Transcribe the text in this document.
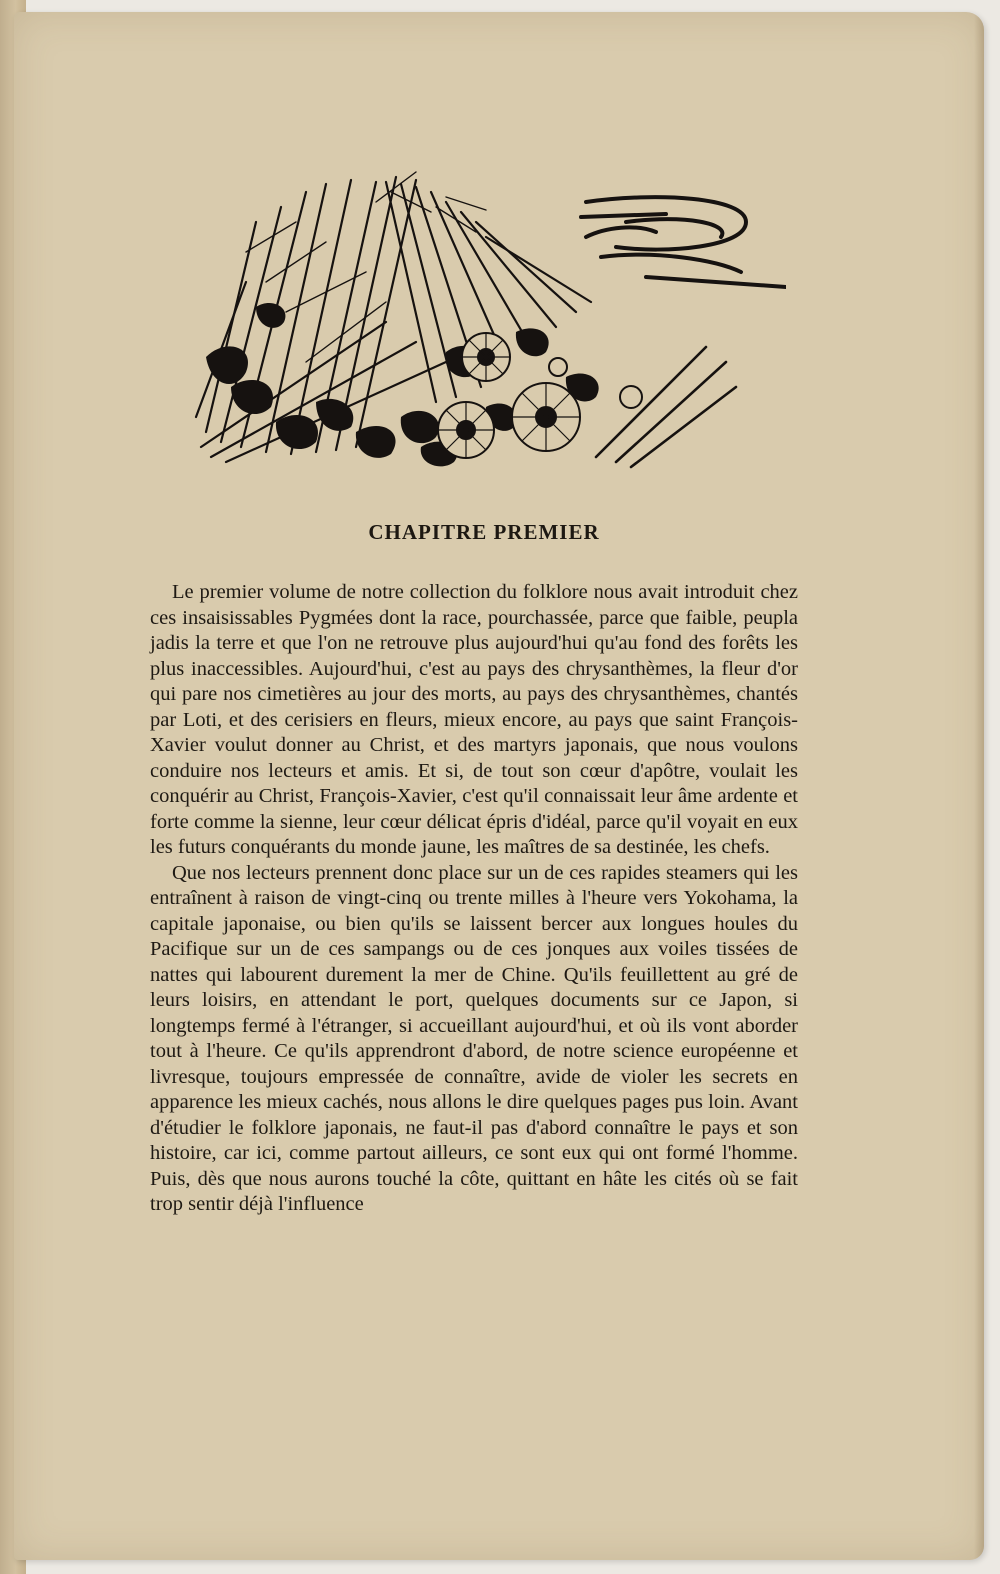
CHAPITRE PREMIER

Le premier volume de notre collection du folklore nous avait introduit chez ces insaisissables Pygmées dont la race, pourchassée, parce que faible, peupla jadis la terre et que l'on ne retrouve plus aujourd'hui qu'au fond des forêts les plus inaccessibles. Aujourd'hui, c'est au pays des chrysanthèmes, la fleur d'or qui pare nos cimetières au jour des morts, au pays des chrysanthèmes, chantés par Loti, et des cerisiers en fleurs, mieux encore, au pays que saint François-Xavier voulut donner au Christ, et des martyrs japonais, que nous voulons conduire nos lecteurs et amis. Et si, de tout son cœur d'apôtre, voulait les conquérir au Christ, François-Xavier, c'est qu'il connaissait leur âme ardente et forte comme la sienne, leur cœur délicat épris d'idéal, parce qu'il voyait en eux les futurs conquérants du monde jaune, les maîtres de sa destinée, les chefs.

Que nos lecteurs prennent donc place sur un de ces rapides steamers qui les entraînent à raison de vingt-cinq ou trente milles à l'heure vers Yokohama, la capitale japonaise, ou bien qu'ils se laissent bercer aux longues houles du Pacifique sur un de ces sampangs ou de ces jonques aux voiles tissées de nattes qui labourent durement la mer de Chine. Qu'ils feuillettent au gré de leurs loisirs, en attendant le port, quelques documents sur ce Japon, si longtemps fermé à l'étranger, si accueillant aujourd'hui, et où ils vont aborder tout à l'heure. Ce qu'ils apprendront d'abord, de notre science européenne et livresque, toujours empressée de connaître, avide de violer les secrets en apparence les mieux cachés, nous allons le dire quelques pages pus loin. Avant d'étudier le folklore japonais, ne faut-il pas d'abord connaître le pays et son histoire, car ici, comme partout ailleurs, ce sont eux qui ont formé l'homme. Puis, dès que nous aurons touché la côte, quittant en hâte les cités où se fait trop sentir déjà l'influence
